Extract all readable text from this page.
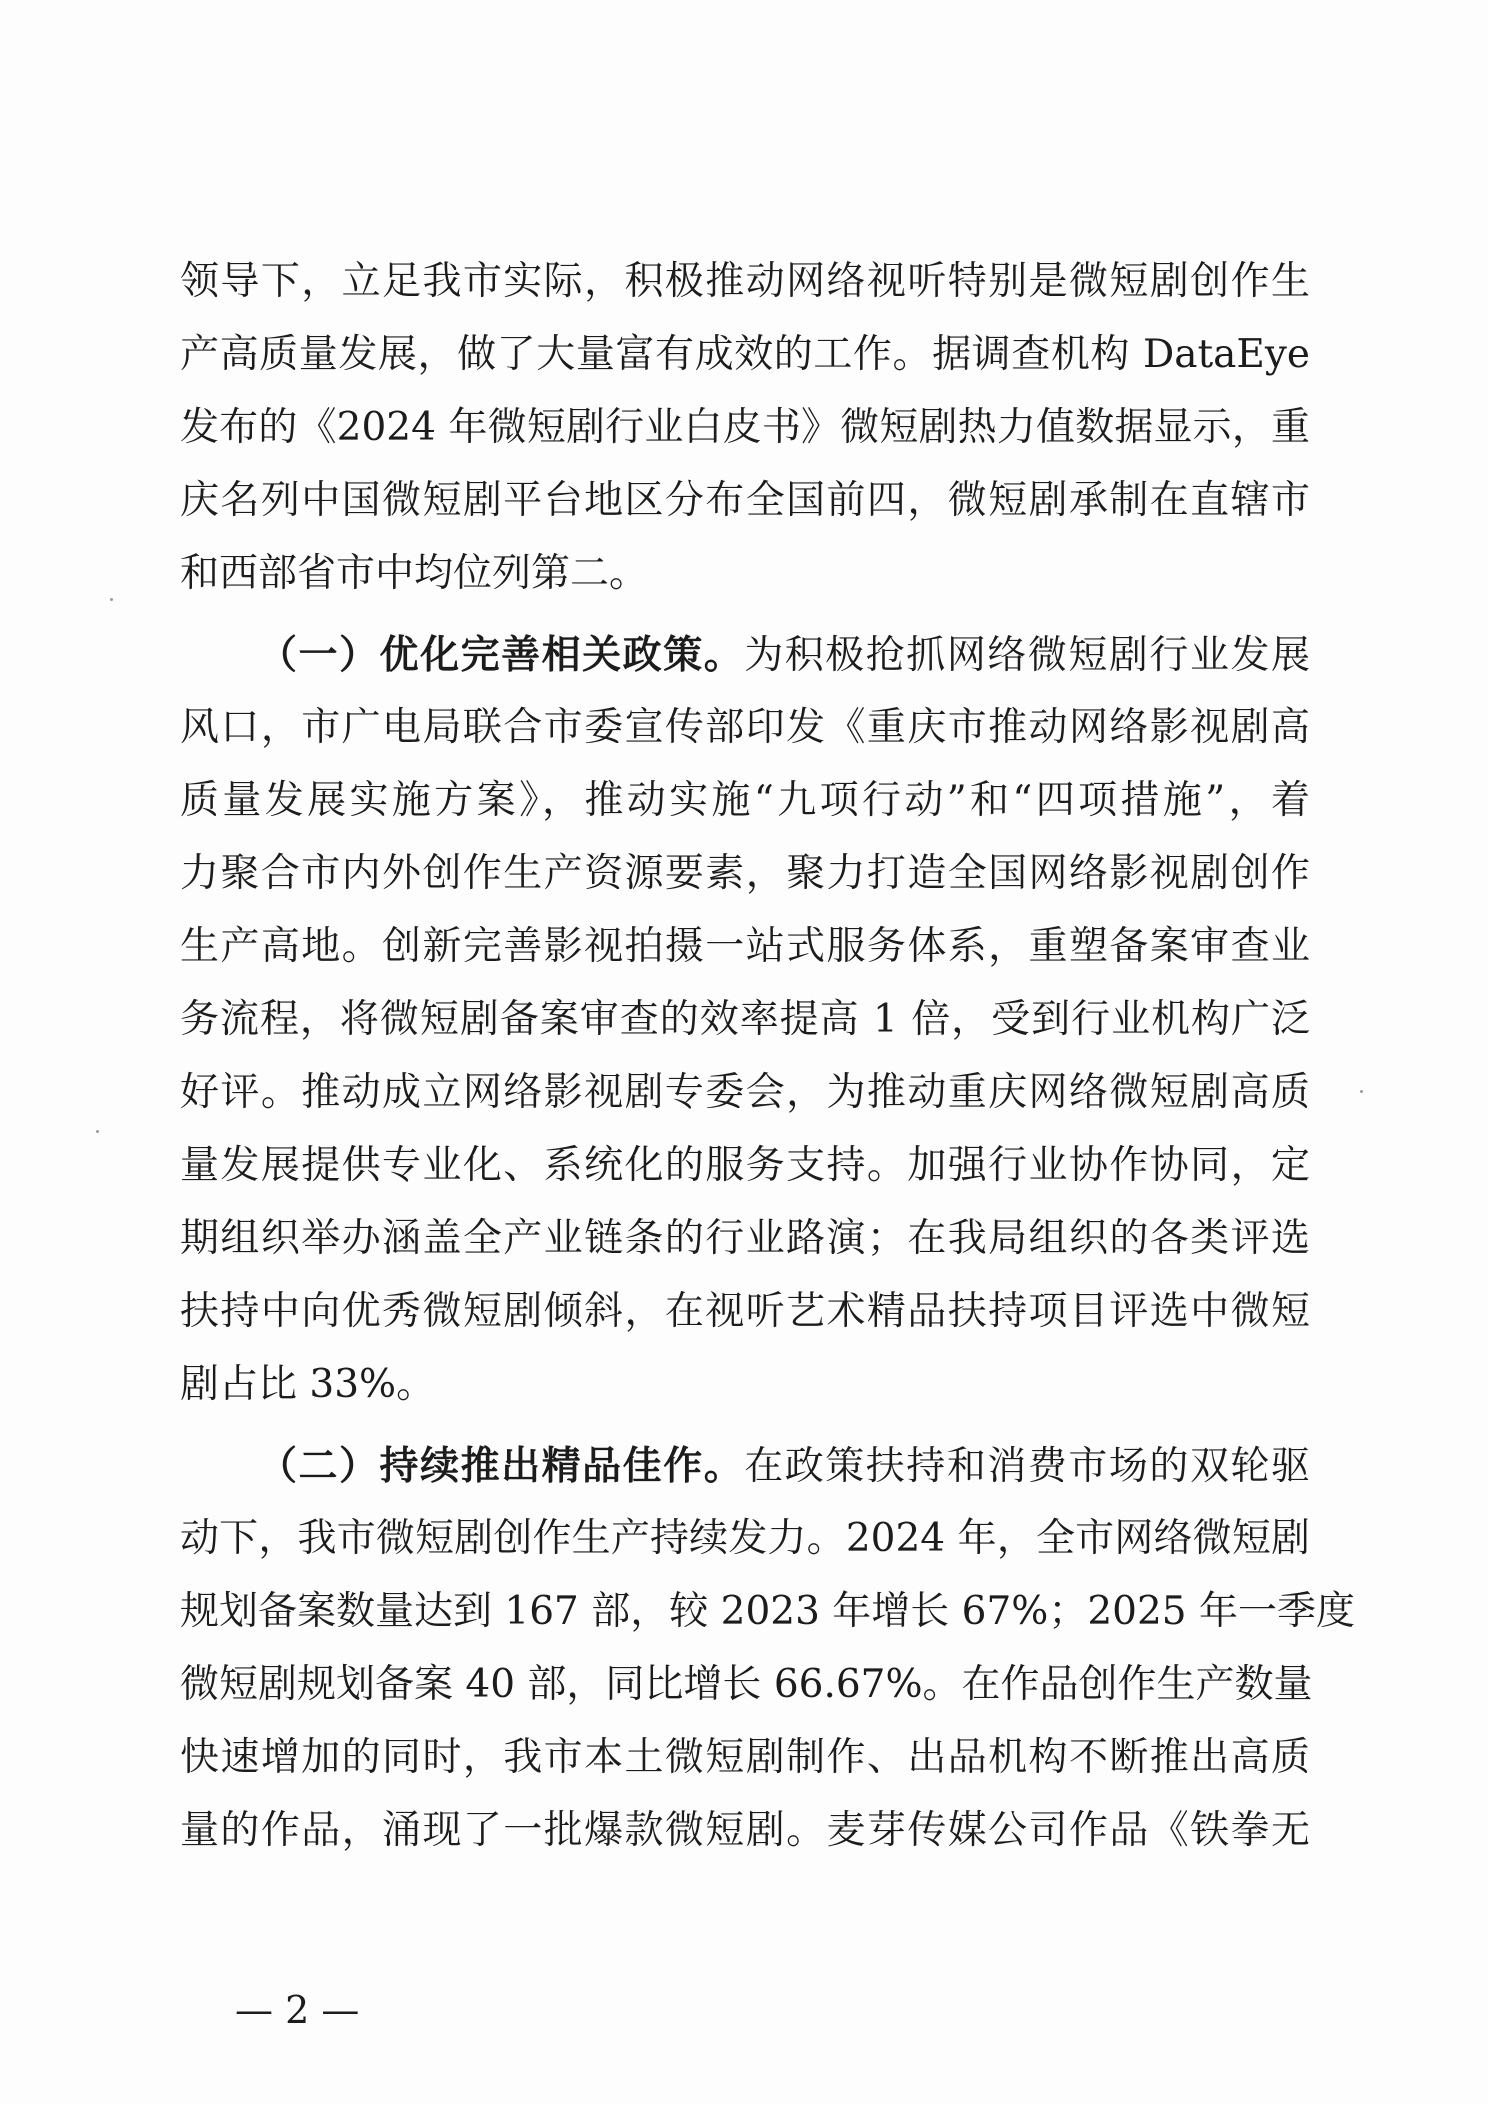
领导下，立足我市实际，积极推动网络视听特别是微短剧创作生
产高质量发展，做了大量富有成效的工作。据调查机构 DataEye
发布的《2024 年微短剧行业白皮书》微短剧热力值数据显示，重
庆名列中国微短剧平台地区分布全国前四，微短剧承制在直辖市
和西部省市中均位列第二。
（一）优化完善相关政策。为积极抢抓网络微短剧行业发展
风口，市广电局联合市委宣传部印发《重庆市推动网络影视剧高
质量发展实施方案》，推动实施“九项行动”和“四项措施”，着
力聚合市内外创作生产资源要素，聚力打造全国网络影视剧创作
生产高地。创新完善影视拍摄一站式服务体系，重塑备案审查业
务流程，将微短剧备案审查的效率提高 1 倍，受到行业机构广泛
好评。推动成立网络影视剧专委会，为推动重庆网络微短剧高质
量发展提供专业化、系统化的服务支持。加强行业协作协同，定
期组织举办涵盖全产业链条的行业路演；在我局组织的各类评选
扶持中向优秀微短剧倾斜，在视听艺术精品扶持项目评选中微短
剧占比 33%。
（二）持续推出精品佳作。在政策扶持和消费市场的双轮驱
动下，我市微短剧创作生产持续发力。2024 年，全市网络微短剧
规划备案数量达到 167 部，较 2023 年增长 67%；2025 年一季度
微短剧规划备案 40 部，同比增长 66.67%。在作品创作生产数量
快速增加的同时，我市本土微短剧制作、出品机构不断推出高质
量的作品，涌现了一批爆款微短剧。麦芽传媒公司作品《铁拳无
— 2 —
